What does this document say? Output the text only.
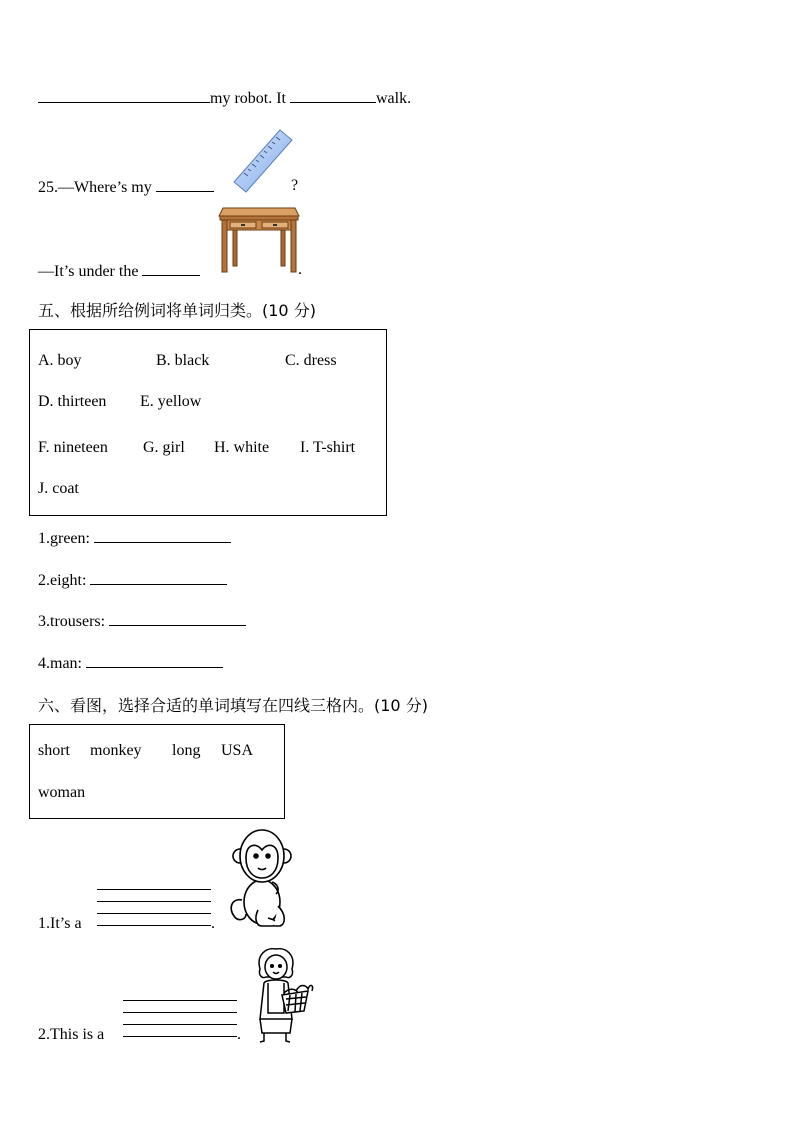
my robot. It	walk.
25.—Where’s my	?
—It’s under the	.
五、根据所给例词将单词归类。(10 分)
A. boy	B. black	C. dress
D. thirteen E. yellow
F. nineteen G. girl H. white I. T-shirt
J. coat
1.green:
2.eight:
3.trousers:
4.man:
六、看图，选择合适的单词填写在四线三格内。(10 分)
short monkey long USA
woman
1.It’s a	.
2.This is a	.
